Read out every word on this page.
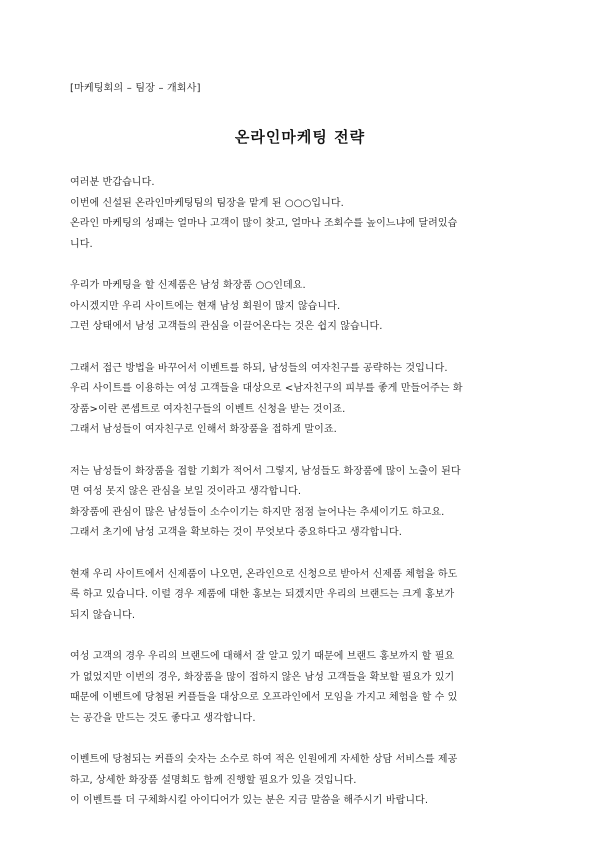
[마케팅회의 – 팀장 – 개회사]
온라인마케팅 전략
여러분 반갑습니다.
이번에 신설된 온라인마케팅팀의 팀장을 맡게 된 ○○○입니다.
온라인 마케팅의 성패는 얼마나 고객이 많이 찾고, 얼마나 조회수를 높이느냐에 달려있습
니다.
우리가 마케팅을 할 신제품은 남성 화장품 ○○인데요.
아시겠지만 우리 사이트에는 현재 남성 회원이 많지 않습니다.
그런 상태에서 남성 고객들의 관심을 이끌어온다는 것은 쉽지 않습니다.
그래서 접근 방법을 바꾸어서 이벤트를 하되, 남성들의 여자친구를 공략하는 것입니다.
우리 사이트를 이용하는 여성 고객들을 대상으로 <남자친구의 피부를 좋게 만들어주는 화
장품>이란 콘셉트로 여자친구들의 이벤트 신청을 받는 것이죠.
그래서 남성들이 여자친구로 인해서 화장품을 접하게 말이죠.
저는 남성들이 화장품을 접할 기회가 적어서 그렇지, 남성들도 화장품에 많이 노출이 된다
면 여성 못지 않은 관심을 보일 것이라고 생각합니다.
화장품에 관심이 많은 남성들이 소수이기는 하지만 점점 늘어나는 추세이기도 하고요.
그래서 초기에 남성 고객을 확보하는 것이 무엇보다 중요하다고 생각합니다.
현재 우리 사이트에서 신제품이 나오면, 온라인으로 신청으로 받아서 신제품 체험을 하도
록 하고 있습니다. 이럴 경우 제품에 대한 홍보는 되겠지만 우리의 브랜드는 크게 홍보가
되지 않습니다.
여성 고객의 경우 우리의 브랜드에 대해서 잘 알고 있기 때문에 브랜드 홍보까지 할 필요
가 없었지만 이번의 경우, 화장품을 많이 접하지 않은 남성 고객들을 확보할 필요가 있기
때문에 이벤트에 당첨된 커플들을 대상으로 오프라인에서 모임을 가지고 체험을 할 수 있
는 공간을 만드는 것도 좋다고 생각합니다.
이벤트에 당첨되는 커플의 숫자는 소수로 하여 적은 인원에게 자세한 상담 서비스를 제공
하고, 상세한 화장품 설명회도 함께 진행할 필요가 있을 것입니다.
이 이벤트를 더 구체화시킬 아이디어가 있는 분은 지금 말씀을 해주시기 바랍니다.
